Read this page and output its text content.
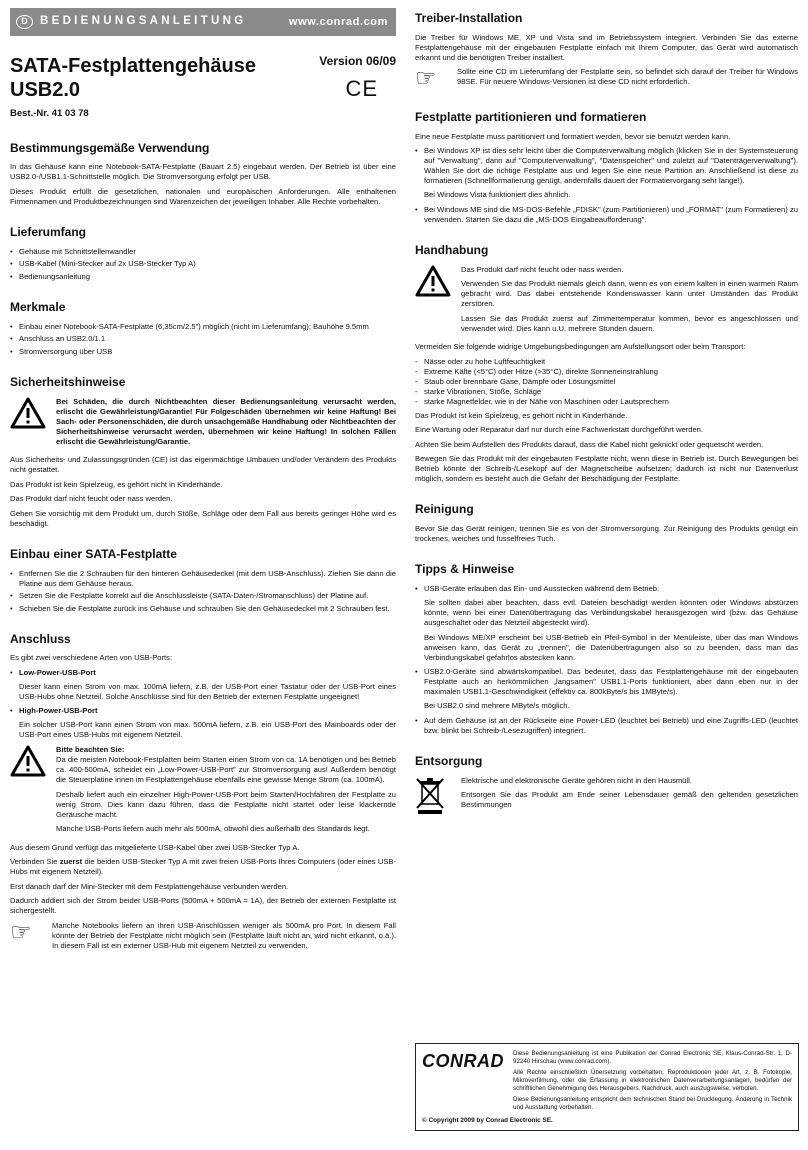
D	BEDIENUNGSANLEITUNG	www.conrad.com
SATA-Festplattengehäuse
USB2.0
Best.-Nr. 41 03 78
Version 06/09
CE
Bestimmungsgemäße Verwendung

In das Gehäuse kann eine Notebook-SATA-Festplatte (Bauart 2.5) eingebaut werden. Der Betrieb ist über eine USB2.0-/USB1.1-Schnittstelle möglich. Die Stromversorgung erfolgt per USB.

Dieses Produkt erfüllt die gesetzlichen, nationalen und europäischen Anforderungen. Alle enthaltenen Firmennamen und Produktbezeichnungen sind Warenzeichen der jeweiligen Inhaber. Alle Rechte vorbehalten.

Lieferumfang
• Gehäuse mit Schnittstellenwandler
• USB-Kabel (Mini-Stecker auf 2x USB-Stecker Typ A)
• Bedienungsanleitung
Merkmale
• Einbau einer Notebook-SATA-Festplatte (6,35cm/2.5") möglich (nicht im Lieferumfang); Bauhöhe 9.5mm
• Anschluss an USB2.0/1.1
• Stromversorgung über USB
Sicherheitshinweise

Bei Schäden, die durch Nichtbeachten dieser Bedienungsanleitung verursacht werden, erlischt die Gewährleistung/Garantie! Für Folgeschäden übernehmen wir keine Haftung! Bei Sach- oder Personenschäden, die durch unsachgemäße Handhabung oder Nichtbeachten der Sicherheitshinweise verursacht werden, übernehmen wir keine Haftung! In solchen Fällen erlischt die Gewährleistung/Garantie.

Aus Sicherheits- und Zulassungsgründen (CE) ist das eigenmächtige Umbauen und/oder Verändern des Produkts nicht gestattet.

Das Produkt ist kein Spielzeug, es gehört nicht in Kinderhände.

Das Produkt darf nicht feucht oder nass werden.

Gehen Sie vorsichtig mit dem Produkt um, durch Stöße, Schläge oder dem Fall aus bereits geringer Höhe wird es beschädigt.

Einbau einer SATA-Festplatte
• Entfernen Sie die 2 Schrauben für den hinteren Gehäusedeckel (mit dem USB-Anschluss). Ziehen Sie dann die Platine aus dem Gehäuse heraus.
• Setzen Sie die Festplatte korrekt auf die Anschlussleiste (SATA-Daten-/Stromanschluss) der Platine auf.
• Schieben Sie die Festplatte zurück ins Gehäuse und schrauben Sie den Gehäusedeckel mit 2 Schrauben fest.
Anschluss

Es gibt zwei verschiedene Arten von USB-Ports:

• Low-Power-USB-Port

Dieser kann einen Strom von max. 100mA liefern, z.B. der USB-Port einer Tastatur oder der USB-Port eines USB-Hubs ohne Netzteil. Solche Anschlüsse sind für den Betrieb der externen Festplatte ungeeignet!

• High-Power-USB-Port

Ein solcher USB-Port kann einen Strom von max. 500mA liefern, z.B. ein USB-Port des Mainboards oder der USB-Port eines USB-Hubs mit eigenem Netzteil.

Bitte beachten Sie:

Da die meisten Notebook-Festplatten beim Starten einen Strom von ca. 1A benötigen und bei Betrieb ca. 400-500mA, scheidet ein „Low-Power-USB-Port" zur Stromversorgung aus! Außerdem benötigt die Steuerplatine innen im Festplattengehäuse ebenfalls eine gewisse Menge Strom (ca. 100mA).

Deshalb liefert auch ein einzelner High-Power-USB-Port beim Starten/Hochfahren der Festplatte zu wenig Strom. Dies kann dazu führen, dass die Festplatte nicht startet oder leise klackernde Geräusche macht.

Manche USB-Ports liefern auch mehr als 500mA, obwohl dies außerhalb des Standards liegt.

Aus diesem Grund verfügt das mitgelieferte USB-Kabel über zwei USB-Stecker Typ A.

Verbinden Sie zuerst die beiden USB-Stecker Typ A mit zwei freien USB-Ports Ihres Computers (oder eines USB-Hubs mit eigenem Netzteil).

Erst danach darf der Mini-Stecker mit dem Festplattengehäuse verbunden werden.

Dadurch addiert sich der Strom beider USB-Ports (500mA + 500mA = 1A), der Betrieb der externen Festplatte ist sichergestellt.

☞	Manche Notebooks liefern an ihren USB-Anschlüssen weniger als 500mA pro Port. In diesem Fall könnte der Betrieb der Festplatte nicht möglich sein (Festplatte läuft nicht an, wird nicht erkannt, o.ä.). In diesem Fall ist ein externer USB-Hub mit eigenem Netzteil zu verwenden.

Treiber-Installation

Die Treiber für Windows ME, XP und Vista sind im Betriebssystem integriert. Verbinden Sie das externe Festplattengehäuse mit der eingebauten Festplatte einfach mit Ihrem Computer, das Gerät wird automatisch erkannt und die benötigten Treiber installiert.

☞	Sollte eine CD im Lieferumfang der Festplatte sein, so befindet sich darauf der Treiber für Windows 98SE. Für neuere Windows-Versionen ist diese CD nicht erforderlich.

Festplatte partitionieren und formatieren

Eine neue Festplatte muss partitioniert und formatiert werden, bevor sie benutzt werden kann.

• Bei Windows XP ist dies sehr leicht über die Computerverwaltung möglich (klicken Sie in der Systemsteuerung auf "Verwaltung", dann auf "Computerverwaltung", "Datenspeicher" und zuletzt auf "Datenträgerverwaltung"). Wählen Sie dort die richtige Festplatte aus und legen Sie eine neue Partition an. Anschließend ist diese zu formatieren (Schnellformatierung genügt, andernfalls dauert der Formatiervorgang sehr lange!).

Bei Windows Vista funktioniert dies ähnlich.

• Bei Windows ME sind die MS-DOS-Befehle „FDISK" (zum Partitionieren) und „FORMAT" (zum Formatieren) zu verwenden. Starten Sie dazu die „MS-DOS Eingabeaufforderung".
Handhabung

Das Produkt darf nicht feucht oder nass werden.

Verwenden Sie das Produkt niemals gleich dann, wenn es von einem kalten in einen warmen Raum gebracht wird. Das dabei entstehende Kondenswasser kann unter Umständen das Produkt zerstören.

Lassen Sie das Produkt zuerst auf Zimmertemperatur kommen, bevor es angeschlossen und verwendet wird. Dies kann u.U. mehrere Stunden dauern.

Vermeiden Sie folgende widrige Umgebungsbedingungen am Aufstellungsort oder beim Transport:

- Nässe oder zu hohe Luftfeuchtigkeit
- Extreme Kälte (<5°C) oder Hitze (>35°C), direkte Sonneneinstrahlung
- Staub oder brennbare Gase, Dämpfe oder Lösungsmittel
- starke Vibrationen, Stöße, Schläge
- starke Magnetfelder, wie in der Nähe von Maschinen oder Lautsprechern

Das Produkt ist kein Spielzeug, es gehört nicht in Kinderhände.

Eine Wartung oder Reparatur darf nur durch eine Fachwerkstatt durchgeführt werden.

Achten Sie beim Aufstellen des Produkts darauf, dass die Kabel nicht geknickt oder gequetscht werden.

Bewegen Sie das Produkt mit der eingebauten Festplatte nicht, wenn diese in Betrieb ist. Durch Bewegungen bei Betrieb könnte der Schreib-/Lesekopf auf der Magnetscheibe aufsetzen; dadurch ist nicht nur Datenverlust möglich, sondern es besteht auch die Gefahr der Beschädigung der Festplatte.

Reinigung

Bevor Sie das Gerät reinigen, trennen Sie es von der Stromversorgung. Zur Reinigung des Produkts genügt ein trockenes, weiches und fusselfreies Tuch.

Tipps & Hinweise
• USB-Geräte erlauben das Ein- und Ausstecken während dem Betrieb.

Sie sollten dabei aber beachten, dass evtl. Dateien beschädigt werden könnten oder Windows abstürzen könnte, wenn bei einer Datenübertragung das Verbindungskabel herausgezogen wird (bzw. das Gehäuse ausgeschaltet oder das Netzteil abgesteckt wird).

Bei Windows ME/XP erscheint bei USB-Betrieb ein Pfeil-Symbol in der Menüleiste, über das man Windows anweisen kann, das Gerät zu „trennen", die Datenübertragungen also so zu beenden, dass man das Verbindungskabel gefahrlos abstecken kann.

• USB2.0-Geräte sind abwärtskompatibel. Das bedeutet, dass das Festplattengehäuse mit der eingebauten Festplatte auch an herkömmlichen „langsamen" USB1.1-Ports funktioniert, aber dann eben nur in der maximalen USB1.1-Geschwindigkeit (effektiv ca. 800kByte/s bis 1MByte/s).

Bei USB2.0 sind mehrere MByte/s möglich.

• Auf dem Gehäuse ist an der Rückseite eine Power-LED (leuchtet bei Betrieb) und eine Zugriffs-LED (leuchtet bzw. blinkt bei Schreib-/Lesezugriffen) integriert.
Entsorgung

Elektrische und elektronische Geräte gehören nicht in den Hausmüll.

Entsorgen Sie das Produkt am Ende seiner Lebensdauer gemäß den geltenden gesetzlichen Bestimmungen

CONRAD	Diese Bedienungsanleitung ist eine Publikation der Conrad Electronic SE, Klaus-Conrad-Str. 1, D-92240 Hirschau (www.conrad.com).

Alle Rechte einschließlich Übersetzung vorbehalten. Reproduktionen jeder Art, z. B. Fotokopie, Mikroverfilmung, oder die Erfassung in elektronischen Datenverarbeitungsanlagen, bedürfen der schriftlichen Genehmigung des Herausgebers. Nachdruck, auch auszugsweise, verboten.

Diese Bedienungsanleitung entspricht dem technischen Stand bei Drucklegung. Änderung in Technik und Ausstattung vorbehalten.

© Copyright 2009 by Conrad Electronic SE.
